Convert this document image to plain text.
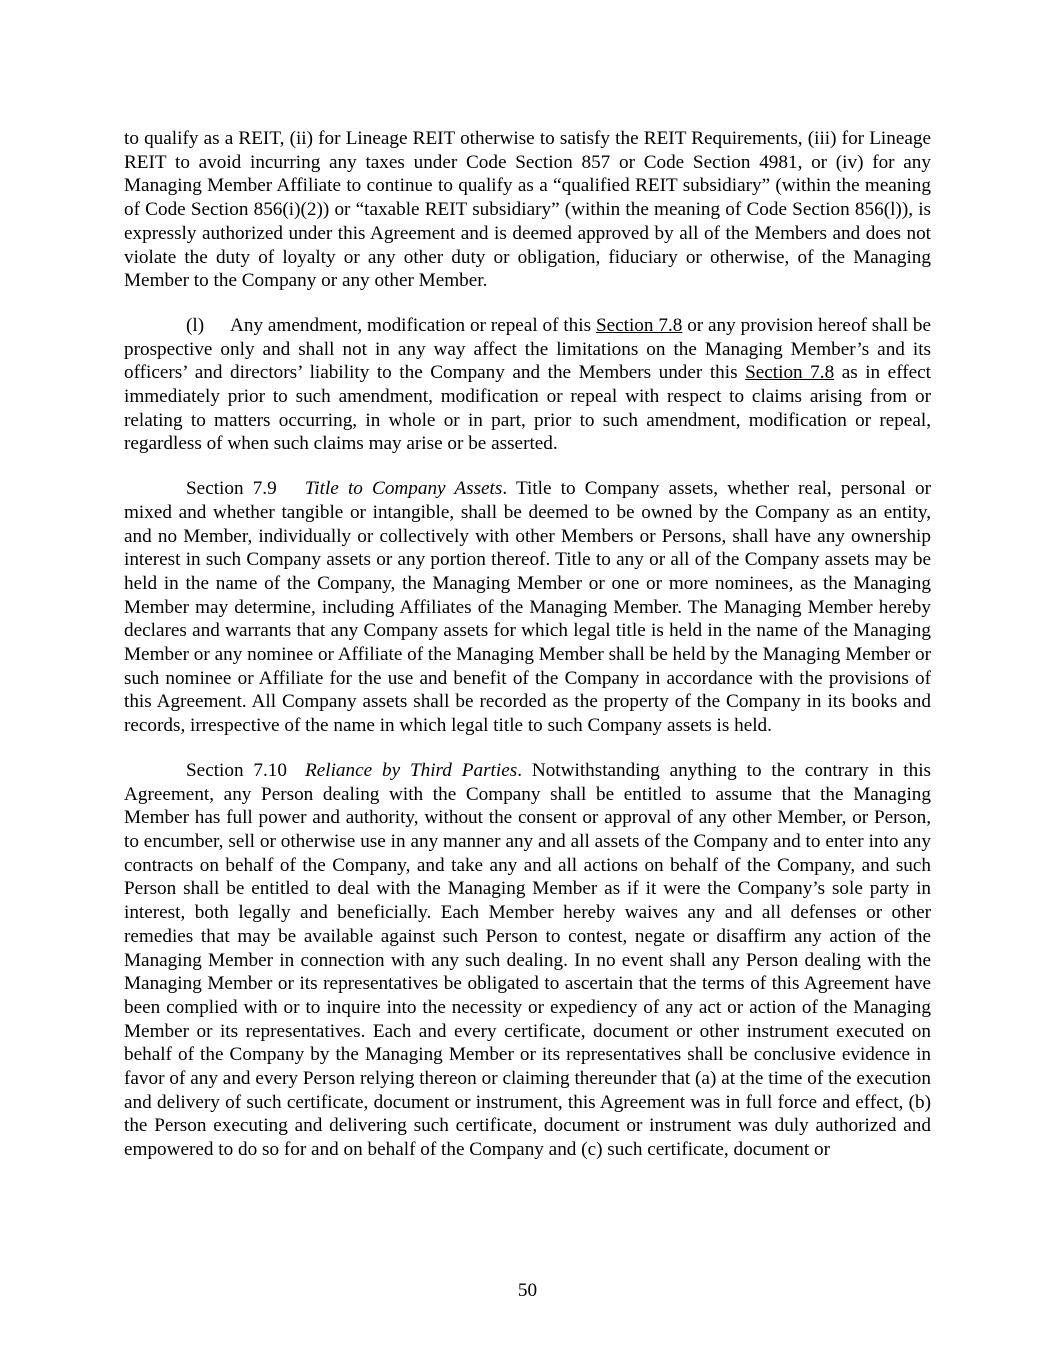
to qualify as a REIT, (ii) for Lineage REIT otherwise to satisfy the REIT Requirements, (iii) for Lineage REIT to avoid incurring any taxes under Code Section 857 or Code Section 4981, or (iv) for any Managing Member Affiliate to continue to qualify as a “qualified REIT subsidiary” (within the meaning of Code Section 856(i)(2)) or “taxable REIT subsidiary” (within the meaning of Code Section 856(l)), is expressly authorized under this Agreement and is deemed approved by all of the Members and does not violate the duty of loyalty or any other duty or obligation, fiduciary or otherwise, of the Managing Member to the Company or any other Member.

(l) Any amendment, modification or repeal of this Section 7.8 or any provision hereof shall be prospective only and shall not in any way affect the limitations on the Managing Member’s and its officers’ and directors’ liability to the Company and the Members under this Section 7.8 as in effect immediately prior to such amendment, modification or repeal with respect to claims arising from or relating to matters occurring, in whole or in part, prior to such amendment, modification or repeal, regardless of when such claims may arise or be asserted.

Section 7.9 Title to Company Assets. Title to Company assets, whether real, personal or mixed and whether tangible or intangible, shall be deemed to be owned by the Company as an entity, and no Member, individually or collectively with other Members or Persons, shall have any ownership interest in such Company assets or any portion thereof. Title to any or all of the Company assets may be held in the name of the Company, the Managing Member or one or more nominees, as the Managing Member may determine, including Affiliates of the Managing Member. The Managing Member hereby declares and warrants that any Company assets for which legal title is held in the name of the Managing Member or any nominee or Affiliate of the Managing Member shall be held by the Managing Member or such nominee or Affiliate for the use and benefit of the Company in accordance with the provisions of this Agreement. All Company assets shall be recorded as the property of the Company in its books and records, irrespective of the name in which legal title to such Company assets is held.

Section 7.10 Reliance by Third Parties. Notwithstanding anything to the contrary in this Agreement, any Person dealing with the Company shall be entitled to assume that the Managing Member has full power and authority, without the consent or approval of any other Member, or Person, to encumber, sell or otherwise use in any manner any and all assets of the Company and to enter into any contracts on behalf of the Company, and take any and all actions on behalf of the Company, and such Person shall be entitled to deal with the Managing Member as if it were the Company’s sole party in interest, both legally and beneficially. Each Member hereby waives any and all defenses or other remedies that may be available against such Person to contest, negate or disaffirm any action of the Managing Member in connection with any such dealing. In no event shall any Person dealing with the Managing Member or its representatives be obligated to ascertain that the terms of this Agreement have been complied with or to inquire into the necessity or expediency of any act or action of the Managing Member or its representatives. Each and every certificate, document or other instrument executed on behalf of the Company by the Managing Member or its representatives shall be conclusive evidence in favor of any and every Person relying thereon or claiming thereunder that (a) at the time of the execution and delivery of such certificate, document or instrument, this Agreement was in full force and effect, (b) the Person executing and delivering such certificate, document or instrument was duly authorized and empowered to do so for and on behalf of the Company and (c) such certificate, document or

50
